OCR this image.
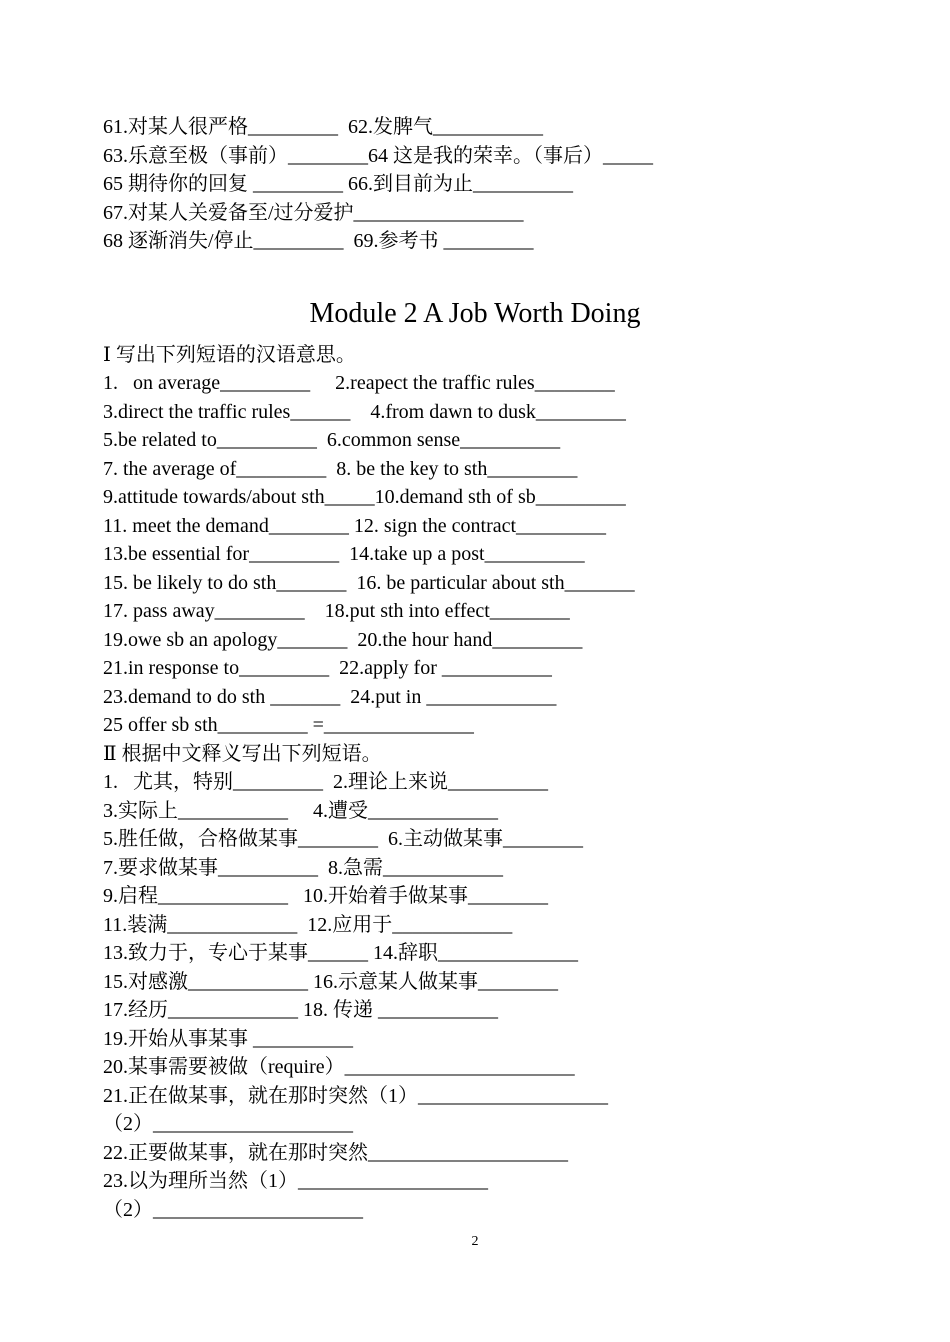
61.对某人很严格_________  62.发脾气___________
63.乐意至极（事前）________64 这是我的荣幸。（事后）_____
65 期待你的回复 _________ 66.到目前为止__________
67.对某人关爱备至/过分爱护_________________
68 逐渐消失/停止_________  69.参考书 _________
Module 2 A Job Worth Doing
Ⅰ 写出下列短语的汉语意思。
1.   on average_________     2.reapect the traffic rules________
3.direct the traffic rules______    4.from dawn to dusk_________
5.be related to__________  6.common sense__________
7. the average of_________  8. be the key to sth_________
9.attitude towards/about sth_____10.demand sth of sb_________
11. meet the demand________ 12. sign the contract_________
13.be essential for_________  14.take up a post__________
15. be likely to do sth_______  16. be particular about sth_______
17. pass away_________    18.put sth into effect________
19.owe sb an apology_______  20.the hour hand_________
21.in response to_________  22.apply for ___________
23.demand to do sth _______  24.put in _____________
25 offer sb sth_________ =_______________
Ⅱ 根据中文释义写出下列短语。
1.   尤其，特别_________  2.理论上来说__________
3.实际上___________     4.遭受_____________
5.胜任做，合格做某事________  6.主动做某事________
7.要求做某事__________  8.急需____________
9.启程_____________   10.开始着手做某事________
11.装满_____________  12.应用于____________
13.致力于，专心于某事______ 14.辞职______________
15.对感激____________ 16.示意某人做某事________
17.经历_____________ 18. 传递 ____________
19.开始从事某事 __________
20.某事需要被做（require）_______________________
21.正在做某事，就在那时突然（1）___________________
（2）____________________
22.正要做某事，就在那时突然____________________
23.以为理所当然（1）___________________
（2）_____________________
2
